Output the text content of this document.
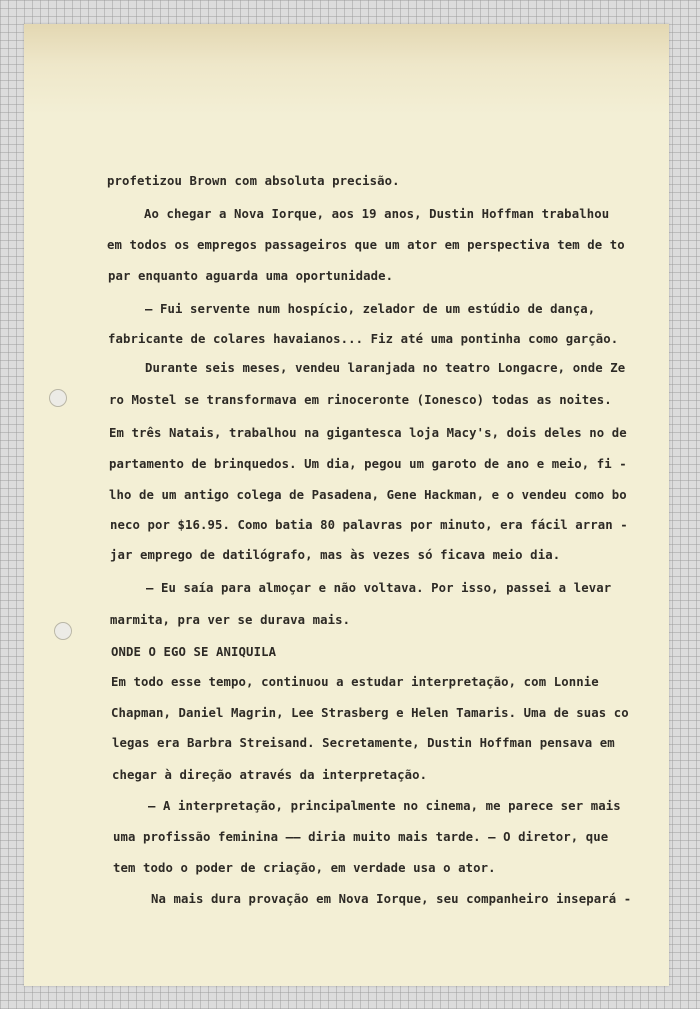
profetizou Brown com absoluta precisão.

Ao chegar a Nova Iorque, aos 19 anos, Dustin Hoffman trabalhou

em todos os empregos passageiros que um ator em perspectiva tem de to

par enquanto aguarda uma oportunidade.

— Fui servente num hospício, zelador de um estúdio de dança,

fabricante de colares havaianos... Fiz até uma pontinha como garção.

Durante seis meses, vendeu laranjada no teatro Longacre, onde Ze

ro Mostel se transformava em rinoceronte (Ionesco) todas as noites.

Em três Natais, trabalhou na gigantesca loja Macy's, dois deles no de

partamento de brinquedos. Um dia, pegou um garoto de ano e meio, fi -

lho de um antigo colega de Pasadena, Gene Hackman, e o vendeu como bo

neco por $16.95. Como batia 80 palavras por minuto, era fácil arran -

jar emprego de datilógrafo, mas às vezes só ficava meio dia.

— Eu saía para almoçar e não voltava. Por isso, passei a levar

marmita, pra ver se durava mais.

ONDE O EGO SE ANIQUILA

Em todo esse tempo, continuou a estudar interpretação, com Lonnie

Chapman, Daniel Magrin, Lee Strasberg e Helen Tamaris. Uma de suas co

legas era Barbra Streisand. Secretamente, Dustin Hoffman pensava em

chegar à direção através da interpretação.

— A interpretação, principalmente no cinema, me parece ser mais

uma profissão feminina —— diria muito mais tarde. — O diretor, que

tem todo o poder de criação, em verdade usa o ator.

Na mais dura provação em Nova Iorque, seu companheiro insepará -
